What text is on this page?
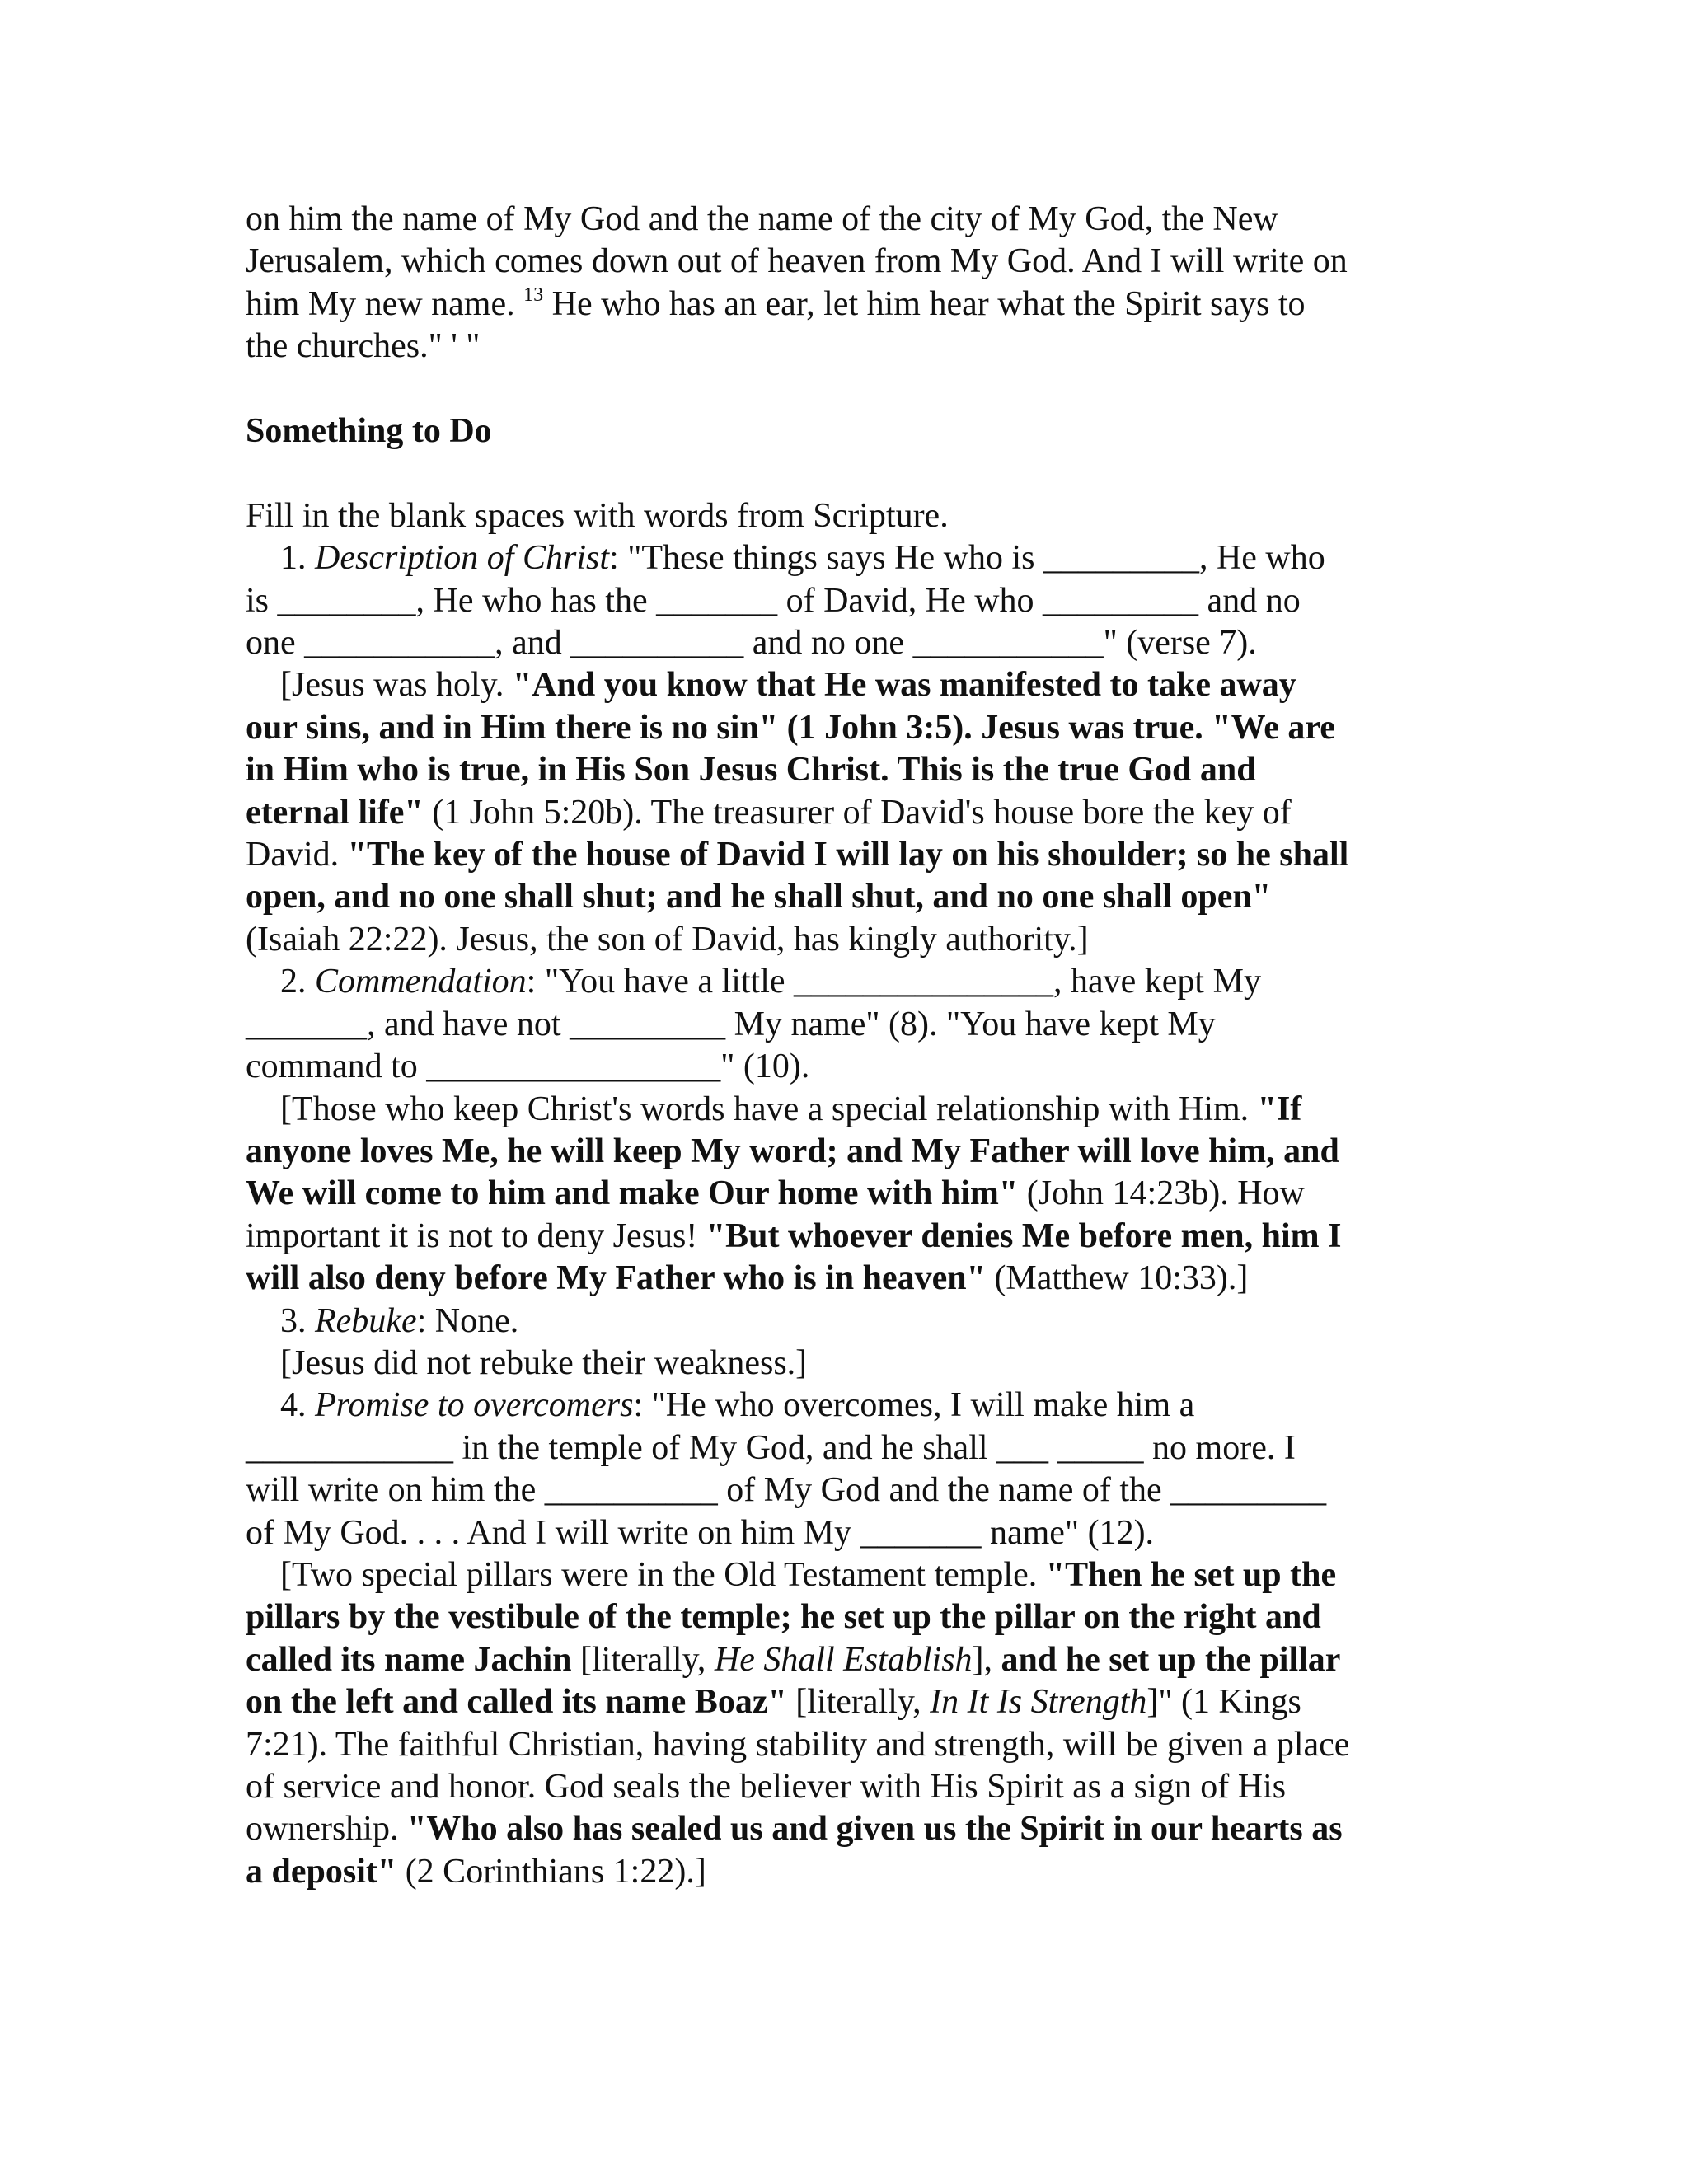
on him the name of My God and the name of the city of My God, the New
Jerusalem, which comes down out of heaven from My God. And I will write on
him My new name. $^{13}$ He who has an ear, let him hear what the Spirit says to
the churches." ' "

Something to Do

Fill in the blank spaces with words from Scripture.

1. Description of Christ: "These things says He who is _________, He who
is ________, He who has the _______ of David, He who _________ and no
one ___________, and __________ and no one ___________" (verse 7).

[Jesus was holy. "And you know that He was manifested to take away
our sins, and in Him there is no sin" (1 John 3:5). Jesus was true. "We are
in Him who is true, in His Son Jesus Christ. This is the true God and
eternal life" (1 John 5:20b). The treasurer of David's house bore the key of
David. "The key of the house of David I will lay on his shoulder; so he shall
open, and no one shall shut; and he shall shut, and no one shall open"
(Isaiah 22:22). Jesus, the son of David, has kingly authority.]

2. Commendation: "You have a little _______________, have kept My
_______, and have not _________ My name" (8). "You have kept My
command to _________________" (10).

[Those who keep Christ's words have a special relationship with Him. "If
anyone loves Me, he will keep My word; and My Father will love him, and
We will come to him and make Our home with him" (John 14:23b). How
important it is not to deny Jesus! "But whoever denies Me before men, him I
will also deny before My Father who is in heaven" (Matthew 10:33).]

3. Rebuke: None.

[Jesus did not rebuke their weakness.]

4. Promise to overcomers: "He who overcomes, I will make him a
____________ in the temple of My God, and he shall ___ _____ no more. I
will write on him the __________ of My God and the name of the _________
of My God. . . . And I will write on him My _______ name" (12).

[Two special pillars were in the Old Testament temple. "Then he set up the
pillars by the vestibule of the temple; he set up the pillar on the right and
called its name Jachin [literally, He Shall Establish], and he set up the pillar
on the left and called its name Boaz" [literally, In It Is Strength]" (1 Kings
7:21). The faithful Christian, having stability and strength, will be given a place
of service and honor. God seals the believer with His Spirit as a sign of His
ownership. "Who also has sealed us and given us the Spirit in our hearts as
a deposit" (2 Corinthians 1:22).]
